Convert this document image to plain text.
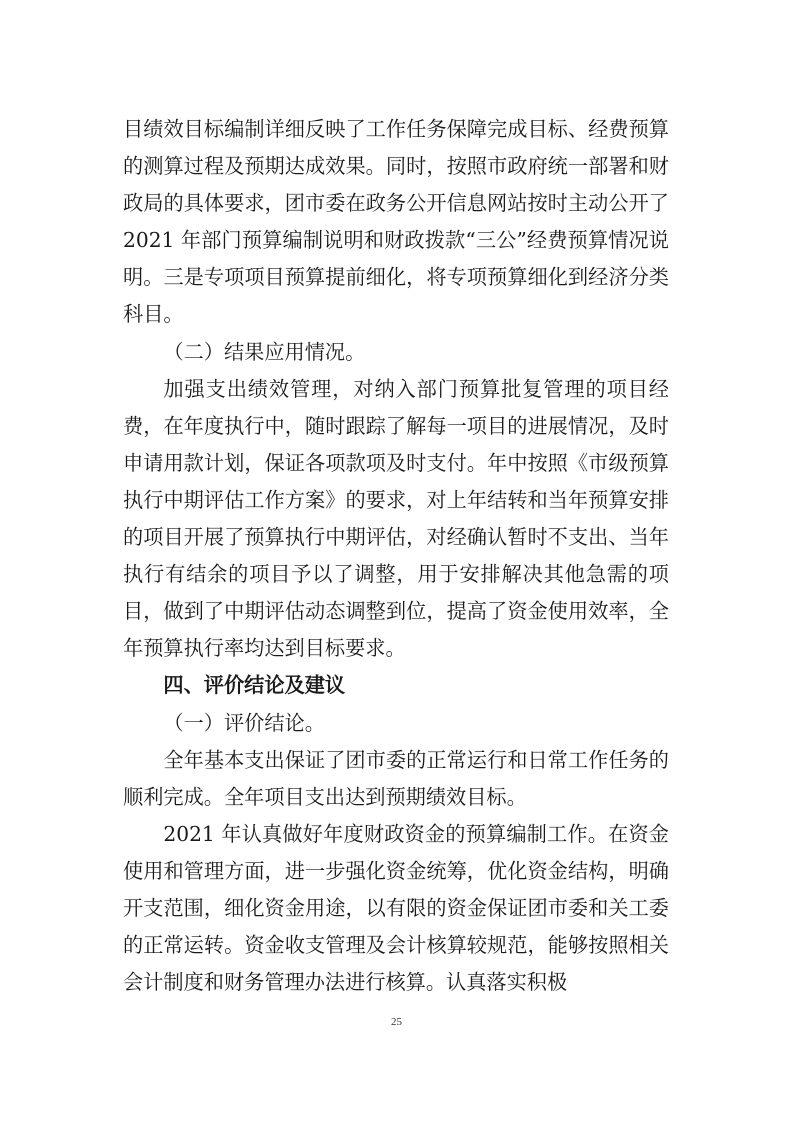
目绩效目标编制详细反映了工作任务保障完成目标、经费预算的测算过程及预期达成效果。同时，按照市政府统一部署和财政局的具体要求，团市委在政务公开信息网站按时主动公开了 2021 年部门预算编制说明和财政拨款“三公”经费预算情况说明。三是专项项目预算提前细化，将专项预算细化到经济分类科目。

（二）结果应用情况。

加强支出绩效管理，对纳入部门预算批复管理的项目经费，在年度执行中，随时跟踪了解每一项目的进展情况，及时申请用款计划，保证各项款项及时支付。年中按照《市级预算执行中期评估工作方案》的要求，对上年结转和当年预算安排的项目开展了预算执行中期评估，对经确认暂时不支出、当年执行有结余的项目予以了调整，用于安排解决其他急需的项目，做到了中期评估动态调整到位，提高了资金使用效率，全年预算执行率均达到目标要求。

四、评价结论及建议

（一）评价结论。

全年基本支出保证了团市委的正常运行和日常工作任务的顺利完成。全年项目支出达到预期绩效目标。

2021 年认真做好年度财政资金的预算编制工作。在资金使用和管理方面，进一步强化资金统筹，优化资金结构，明确开支范围，细化资金用途，以有限的资金保证团市委和关工委的正常运转。资金收支管理及会计核算较规范，能够按照相关会计制度和财务管理办法进行核算。认真落实积极

25
